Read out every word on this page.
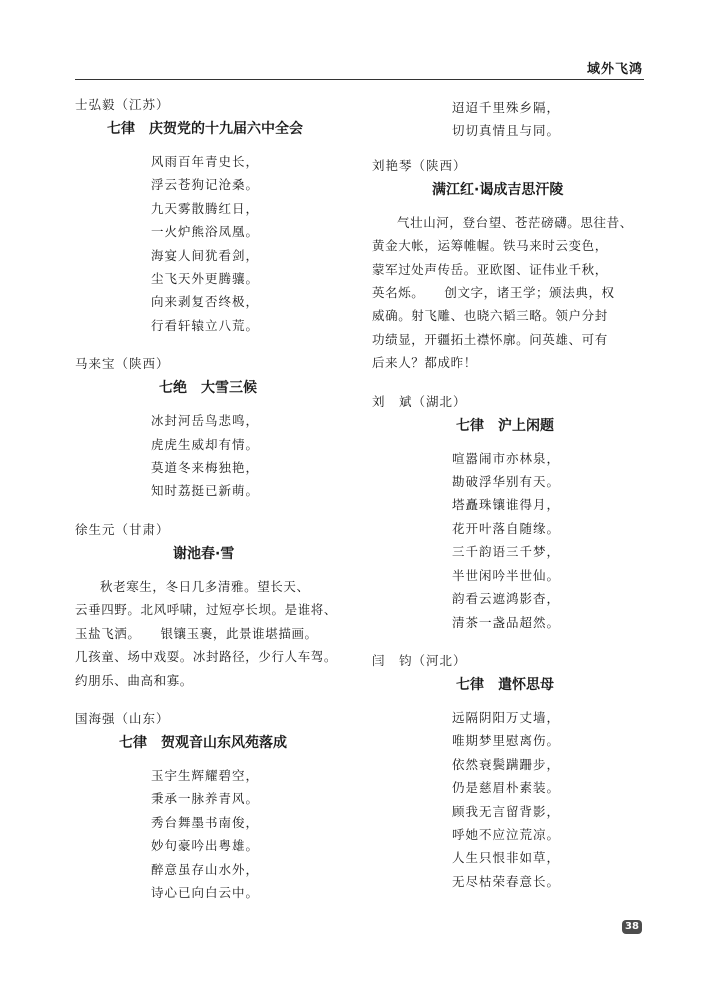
域外飞鸿
士弘毅（江苏）
七律　庆贺党的十九届六中全会
风雨百年青史长，
浮云苍狗记沧桑。
九天雾散腾红日，
一火炉熊浴凤凰。
海宴人间犹看剑，
尘飞天外更腾骧。
向来剥复否终极，
行看轩辕立八荒。
马来宝（陕西）
七绝　大雪三候
冰封河岳鸟悲鸣，
虎虎生威却有情。
莫道冬来梅独艳，
知时荔挺已新萌。
徐生元（甘肃）
谢池春·雪
秋老寒生，冬日几多清雅。望长天、
云垂四野。北风呼啸，过短亭长坝。是谁将、
玉盐飞洒。　　银镶玉裹，此景谁堪描画。
几孩童、场中戏耍。冰封路径，少行人车驾。
约朋乐、曲高和寡。
国海强（山东）
七律　贺观音山东风苑落成
玉宇生辉耀碧空，
秉承一脉养青风。
秀台舞墨书南俊，
妙句豪吟出粤雄。
醉意虽存山水外，
诗心已向白云中。
迢迢千里殊乡隔，
切切真情且与同。
刘艳琴（陕西）
满江红·谒成吉思汗陵
气壮山河，登台望、苍茫磅礴。思往昔、
黄金大帐，运筹帷幄。铁马来时云变色，
蒙军过处声传岳。亚欧图、证伟业千秋，
英名烁。　　创文字，诸王学；颁法典，权
威确。射飞雕、也晓六韬三略。领户分封
功绩显，开疆拓土襟怀廓。问英雄、可有
后来人？都成昨！
刘　斌（湖北）
七律　沪上闲题
喧嚣闹市亦林泉，
勘破浮华别有天。
塔矗珠镶谁得月，
花开叶落自随缘。
三千韵语三千梦，
半世闲吟半世仙。
韵看云遮鸿影杳，
清茶一盏品超然。
闫　钧（河北）
七律　遣怀思母
远隔阴阳万丈墙，
唯期梦里慰离伤。
依然衰鬓蹒跚步，
仍是慈眉朴素装。
顾我无言留背影，
呼她不应泣荒凉。
人生只恨非如草，
无尽枯荣春意长。
38
